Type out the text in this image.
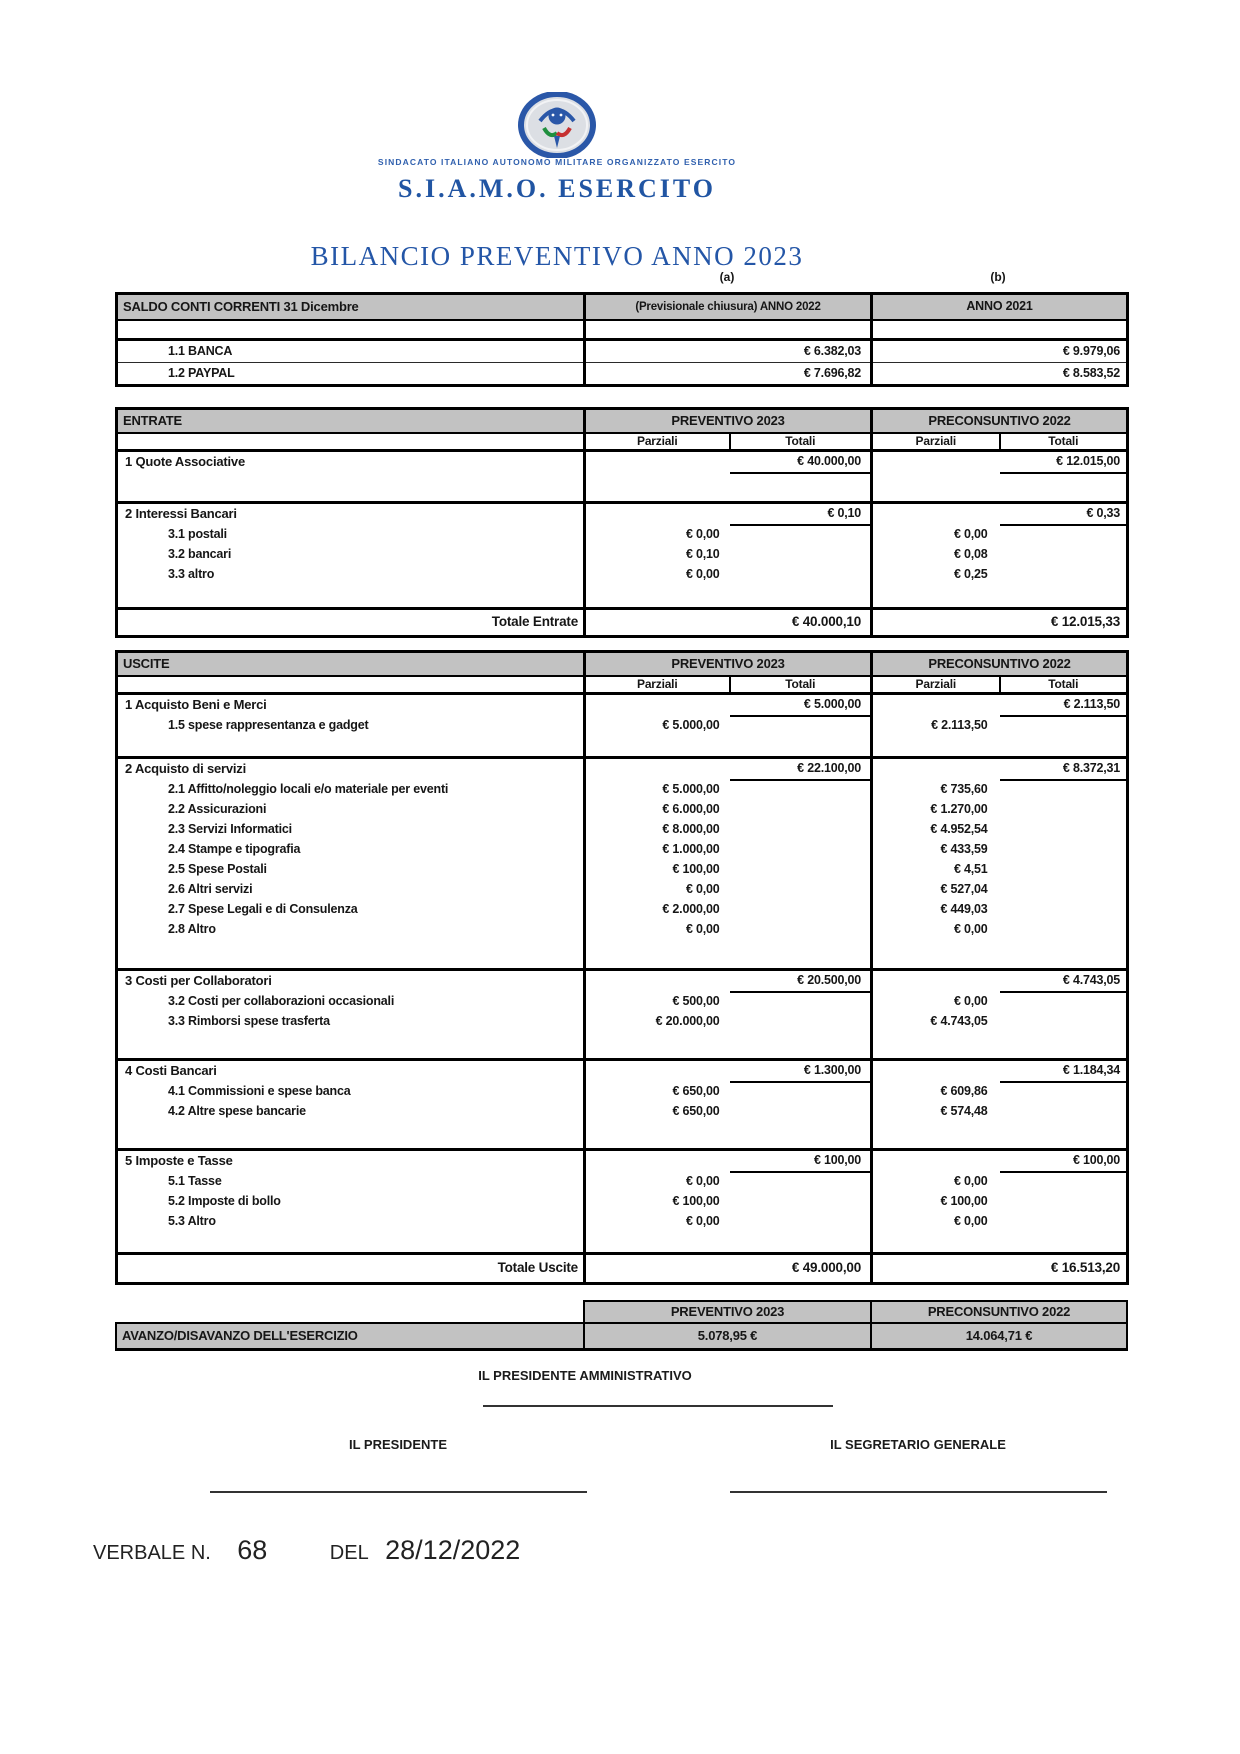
SINDACATO ITALIANO AUTONOMO MILITARE ORGANIZZATO ESERCITO
S.I.A.M.O. ESERCITO
BILANCIO PREVENTIVO ANNO 2023
(a)	(b)
SALDO CONTI CORRENTI 31 Dicembre	(Previsionale chiusura) ANNO 2022	ANNO 2021

1.1 BANCA	€ 6.382,03	€ 9.979,06
1.2 PAYPAL	€ 7.696,82	€ 8.583,52
ENTRATE	PREVENTIVO 2023		PRECONSUNTIVO 2022	
	Parziali	Totali	Parziali	Totali
1 Quote Associative		€ 40.000,00		€ 12.015,00

2 Interessi Bancari		€ 0,10		€ 0,33
3.1 postali	€ 0,00		€ 0,00	
3.2 bancari	€ 0,10		€ 0,08	
3.3 altro	€ 0,00		€ 0,25	

Totale Entrate	€ 40.000,10		€ 12.015,33	
USCITE	PREVENTIVO 2023		PRECONSUNTIVO 2022	
	Parziali	Totali	Parziali	Totali
1 Acquisto Beni e Merci		€ 5.000,00		€ 2.113,50
1.5 spese rappresentanza e gadget	€ 5.000,00		€ 2.113,50	

2 Acquisto di servizi		€ 22.100,00		€ 8.372,31
2.1 Affitto/noleggio locali e/o materiale per eventi	€ 5.000,00		€ 735,60	
2.2 Assicurazioni	€ 6.000,00		€ 1.270,00	
2.3 Servizi Informatici	€ 8.000,00		€ 4.952,54	
2.4 Stampe e tipografia	€ 1.000,00		€ 433,59	
2.5 Spese Postali	€ 100,00		€ 4,51	
2.6 Altri servizi	€ 0,00		€ 527,04	
2.7 Spese Legali e di Consulenza	€ 2.000,00		€ 449,03	
2.8 Altro	€ 0,00		€ 0,00	

3 Costi per Collaboratori		€ 20.500,00		€ 4.743,05
3.2 Costi per collaborazioni occasionali	€ 500,00		€ 0,00	
3.3 Rimborsi spese trasferta	€ 20.000,00		€ 4.743,05	

4 Costi Bancari		€ 1.300,00		€ 1.184,34
4.1 Commissioni e spese banca	€ 650,00		€ 609,86	
4.2 Altre spese bancarie	€ 650,00		€ 574,48	

5 Imposte e Tasse		€ 100,00		€ 100,00
5.1 Tasse	€ 0,00		€ 0,00	
5.2 Imposte di bollo	€ 100,00		€ 100,00	
5.3 Altro	€ 0,00		€ 0,00	

Totale Uscite	€ 49.000,00		€ 16.513,20	
	PREVENTIVO 2023	PRECONSUNTIVO 2022
AVANZO/DISAVANZO DELL'ESERCIZIO	5.078,95 €	14.064,71 €
IL PRESIDENTE AMMINISTRATIVO
IL PRESIDENTE	IL SEGRETARIO GENERALE
VERBALE N. 68	DEL 28/12/2022
